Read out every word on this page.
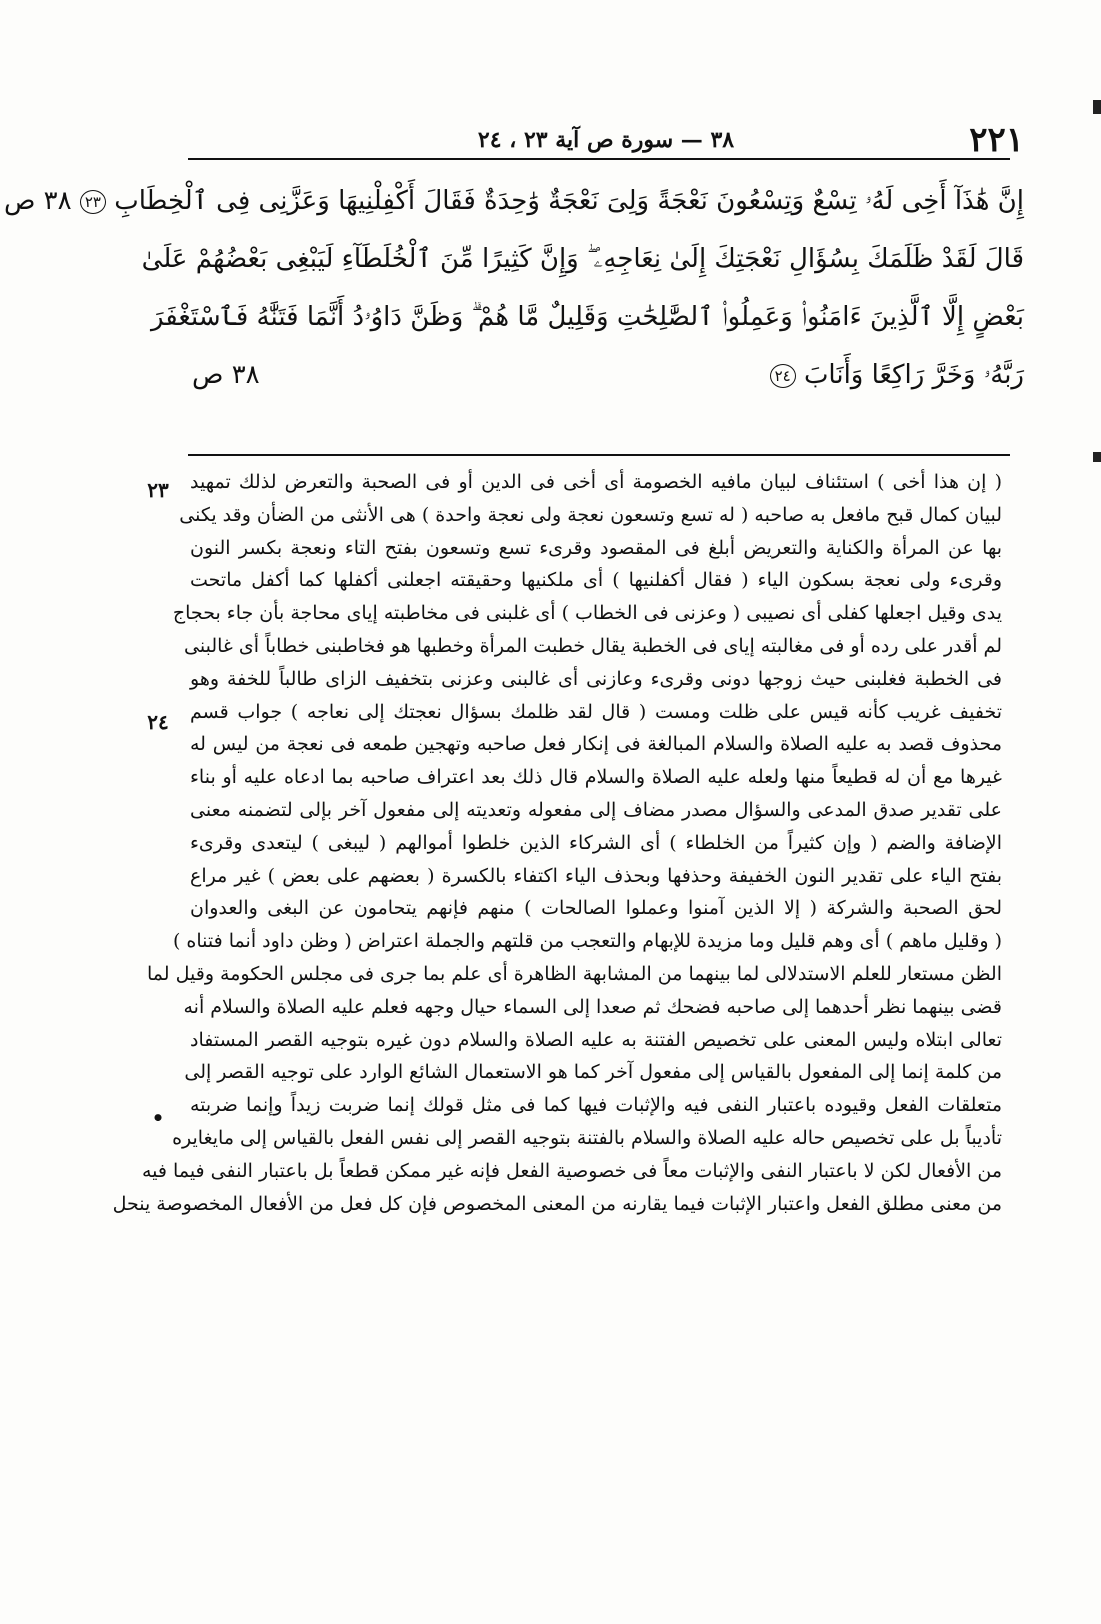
٢٢١
٣٨ — سورة ص آية ٢٣ ، ٢٤
إِنَّ هَٰذَآ أَخِى لَهُۥ تِسْعٌ وَتِسْعُونَ نَعْجَةً وَلِىَ نَعْجَةٌ وَٰحِدَةٌ فَقَالَ أَكْفِلْنِيهَا وَعَزَّنِى فِى ٱلْخِطَابِ ٢٣ ٣٨ ص
قَالَ لَقَدْ ظَلَمَكَ بِسُؤَالِ نَعْجَتِكَ إِلَىٰ نِعَاجِهِۦ ۖ وَإِنَّ كَثِيرًا مِّنَ ٱلْخُلَطَآءِ لَيَبْغِى بَعْضُهُمْ عَلَىٰ
بَعْضٍ إِلَّا ٱلَّذِينَ ءَامَنُوا۟ وَعَمِلُوا۟ ٱلصَّٰلِحَٰتِ وَقَلِيلٌ مَّا هُمْ ۗ وَظَنَّ دَاوُۥدُ أَنَّمَا فَتَنَّٰهُ فَٱسْتَغْفَرَ
رَبَّهُۥ وَخَرَّ رَاكِعًا وَأَنَابَ ٢٤
٣٨ ص
٢٣
٢٤
•
( إن هذا أخى ) استئناف لبيان مافيه الخصومة أى أخى فى الدين أو فى الصحبة والتعرض لذلك تمهيد
لبيان كمال قبح مافعل به صاحبه ( له تسع وتسعون نعجة ولى نعجة واحدة ) هى الأنثى من الضأن وقد يكنى
بها عن المرأة والكناية والتعريض أبلغ فى المقصود وقرىء تسع وتسعون بفتح التاء ونعجة بكسر النون
وقرىء ولى نعجة بسكون الياء ( فقال أكفلنيها ) أى ملكنيها وحقيقته اجعلنى أكفلها كما أكفل ماتحت
يدى وقيل اجعلها كفلى أى نصيبى ( وعزنى فى الخطاب ) أى غلبنى فى مخاطبته إياى محاجة بأن جاء بحجاج
لم أقدر على رده أو فى مغالبته إياى فى الخطبة يقال خطبت المرأة وخطبها هو فخاطبنى خطاباً أى غالبنى
فى الخطبة فغلبنى حيث زوجها دونى وقرىء وعازنى أى غالبنى وعزنى بتخفيف الزاى طالباً للخفة وهو
تخفيف غريب كأنه قيس على ظلت ومست ( قال لقد ظلمك بسؤال نعجتك إلى نعاجه ) جواب قسم
محذوف قصد به عليه الصلاة والسلام المبالغة فى إنكار فعل صاحبه وتهجين طمعه فى نعجة من ليس له
غيرها مع أن له قطيعاً منها ولعله عليه الصلاة والسلام قال ذلك بعد اعتراف صاحبه بما ادعاه عليه أو بناء
على تقدير صدق المدعى والسؤال مصدر مضاف إلى مفعوله وتعديته إلى مفعول آخر بإلى لتضمنه معنى
الإضافة والضم ( وإن كثيراً من الخلطاء ) أى الشركاء الذين خلطوا أموالهم ( ليبغى ) ليتعدى وقرىء
بفتح الياء على تقدير النون الخفيفة وحذفها وبحذف الياء اكتفاء بالكسرة ( بعضهم على بعض ) غير مراع
لحق الصحبة والشركة ( إلا الذين آمنوا وعملوا الصالحات ) منهم فإنهم يتحامون عن البغى والعدوان
( وقليل ماهم ) أى وهم قليل وما مزيدة للإبهام والتعجب من قلتهم والجملة اعتراض ( وظن داود أنما فتناه )
الظن مستعار للعلم الاستدلالى لما بينهما من المشابهة الظاهرة أى علم بما جرى فى مجلس الحكومة وقيل لما
قضى بينهما نظر أحدهما إلى صاحبه فضحك ثم صعدا إلى السماء حيال وجهه فعلم عليه الصلاة والسلام أنه
تعالى ابتلاه وليس المعنى على تخصيص الفتنة به عليه الصلاة والسلام دون غيره بتوجيه القصر المستفاد
من كلمة إنما إلى المفعول بالقياس إلى مفعول آخر كما هو الاستعمال الشائع الوارد على توجيه القصر إلى
متعلقات الفعل وقيوده باعتبار النفى فيه والإثبات فيها كما فى مثل قولك إنما ضربت زيداً وإنما ضربته
تأديباً بل على تخصيص حاله عليه الصلاة والسلام بالفتنة بتوجيه القصر إلى نفس الفعل بالقياس إلى مايغايره
من الأفعال لكن لا باعتبار النفى والإثبات معاً فى خصوصية الفعل فإنه غير ممكن قطعاً بل باعتبار النفى فيما فيه
من معنى مطلق الفعل واعتبار الإثبات فيما يقارنه من المعنى المخصوص فإن كل فعل من الأفعال المخصوصة ينحل
